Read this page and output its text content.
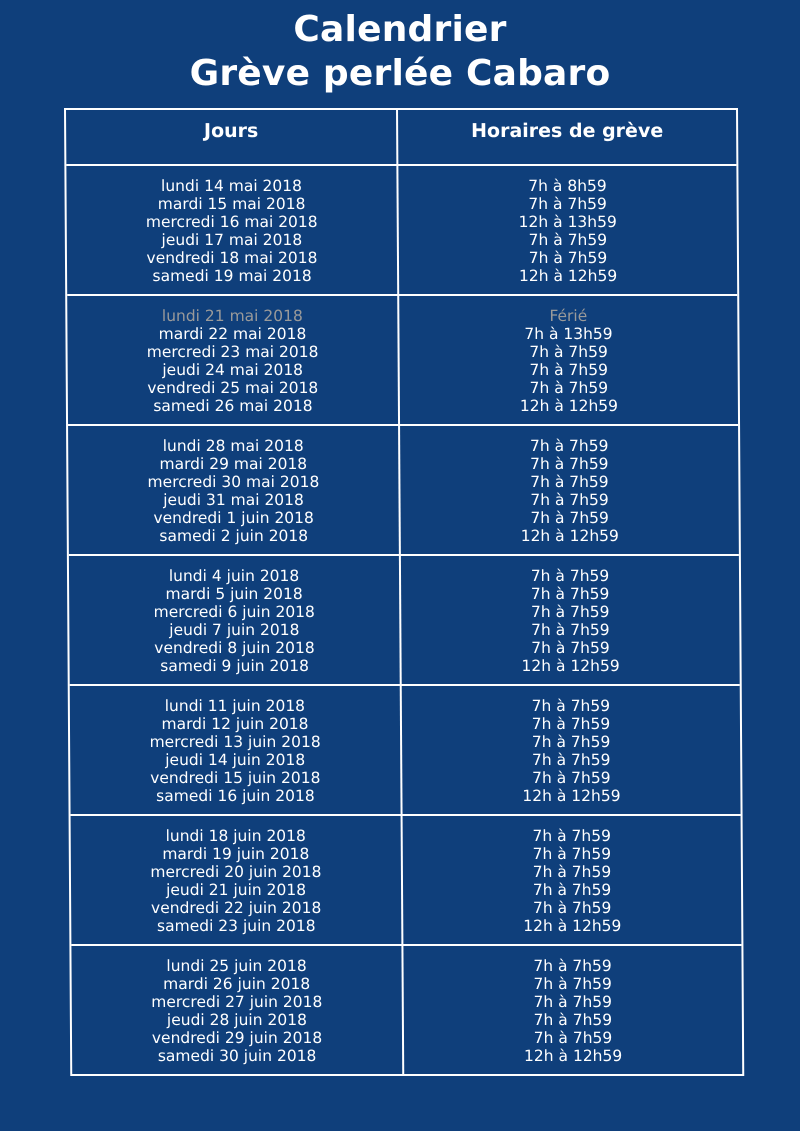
Calendrier
Grève perlée Cabaro
Jours	Horaires de grève
lundi 14 mai 2018
mardi 15 mai 2018
mercredi 16 mai 2018
jeudi 17 mai 2018
vendredi 18 mai 2018
samedi 19 mai 2018
7h à 8h59
7h à 7h59
12h à 13h59
7h à 7h59
7h à 7h59
12h à 12h59
lundi 21 mai 2018
mardi 22 mai 2018
mercredi 23 mai 2018
jeudi 24 mai 2018
vendredi 25 mai 2018
samedi 26 mai 2018
Férié
7h à 13h59
7h à 7h59
7h à 7h59
7h à 7h59
12h à 12h59
lundi 28 mai 2018
mardi 29 mai 2018
mercredi 30 mai 2018
jeudi 31 mai 2018
vendredi 1 juin 2018
samedi 2 juin 2018
7h à 7h59
7h à 7h59
7h à 7h59
7h à 7h59
7h à 7h59
12h à 12h59
lundi 4 juin 2018
mardi 5 juin 2018
mercredi 6 juin 2018
jeudi 7 juin 2018
vendredi 8 juin 2018
samedi 9 juin 2018
7h à 7h59
7h à 7h59
7h à 7h59
7h à 7h59
7h à 7h59
12h à 12h59
lundi 11 juin 2018
mardi 12 juin 2018
mercredi 13 juin 2018
jeudi 14 juin 2018
vendredi 15 juin 2018
samedi 16 juin 2018
7h à 7h59
7h à 7h59
7h à 7h59
7h à 7h59
7h à 7h59
12h à 12h59
lundi 18 juin 2018
mardi 19 juin 2018
mercredi 20 juin 2018
jeudi 21 juin 2018
vendredi 22 juin 2018
samedi 23 juin 2018
7h à 7h59
7h à 7h59
7h à 7h59
7h à 7h59
7h à 7h59
12h à 12h59
lundi 25 juin 2018
mardi 26 juin 2018
mercredi 27 juin 2018
jeudi 28 juin 2018
vendredi 29 juin 2018
samedi 30 juin 2018
7h à 7h59
7h à 7h59
7h à 7h59
7h à 7h59
7h à 7h59
12h à 12h59
